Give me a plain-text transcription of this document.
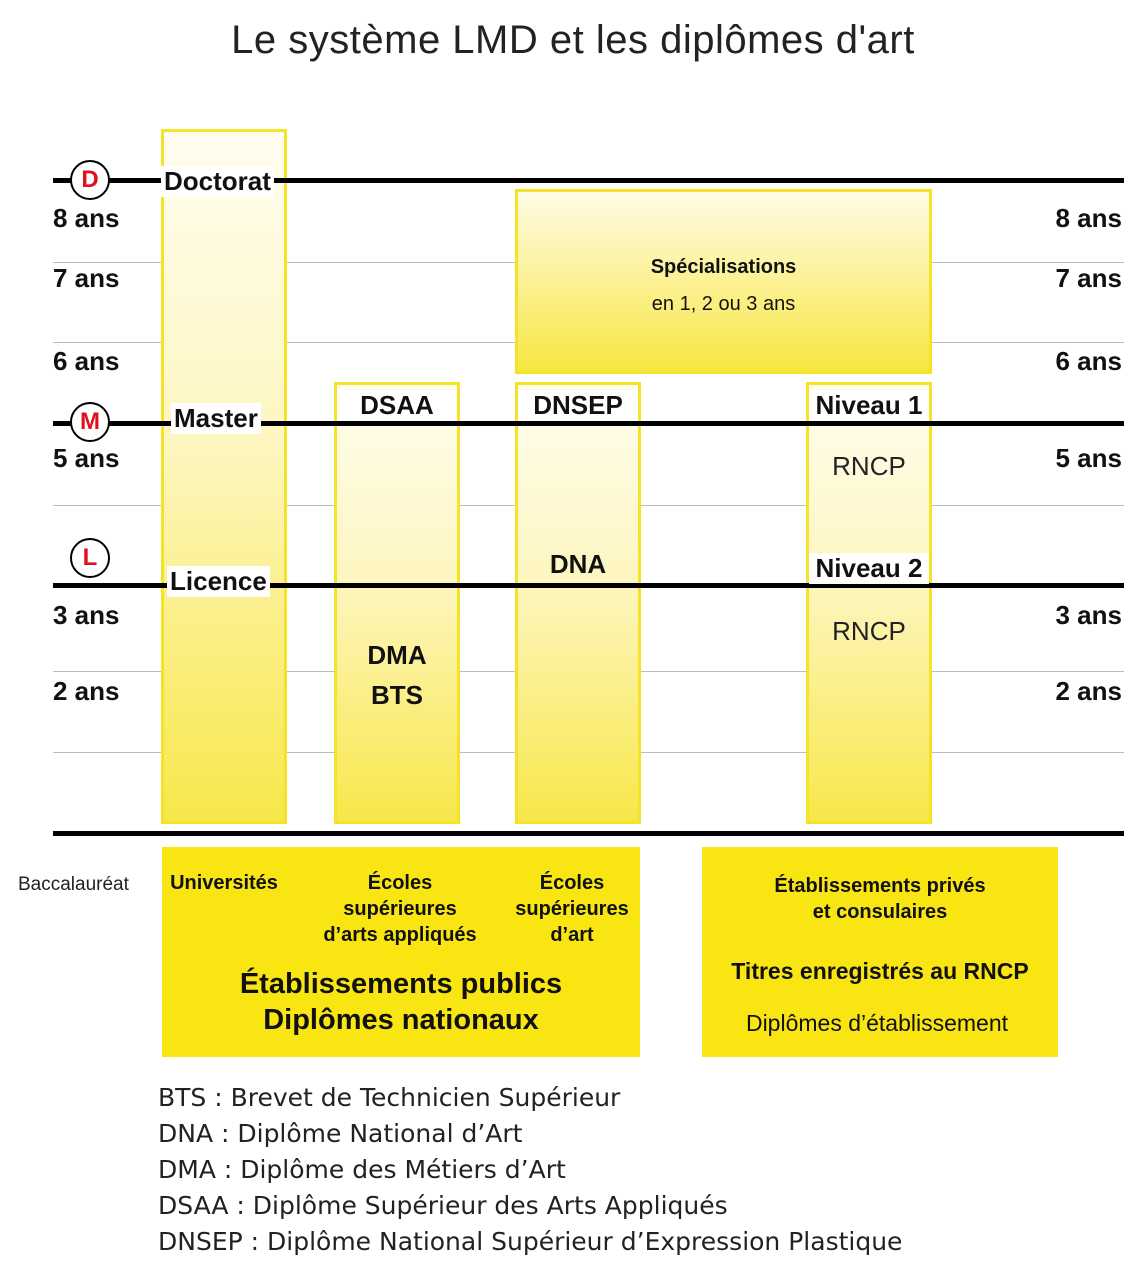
Le système LMD et les diplômes d'art
D
M
L
8 ans
7 ans
6 ans
5 ans
3 ans
2 ans
8 ans
7 ans
6 ans
5 ans
3 ans
2 ans
Doctorat
Master
Licence
DSAA
DMA
BTS
DNSEP
DNA
Spécialisations
en 1, 2 ou 3 ans
Niveau 1
RNCP
Niveau 2
RNCP
Baccalauréat	Universités	Écoles
supérieures
d’arts appliqués
Écoles
supérieures
d’art
Établissements publics
Diplômes nationaux
Établissements privés
et consulaires
Titres enregistrés au RNCP
Diplômes d’établissement
BTS : Brevet de Technicien Supérieur
DNA : Diplôme National d’Art
DMA : Diplôme des Métiers d’Art
DSAA : Diplôme Supérieur des Arts Appliqués
DNSEP : Diplôme National Supérieur d’Expression Plastique
